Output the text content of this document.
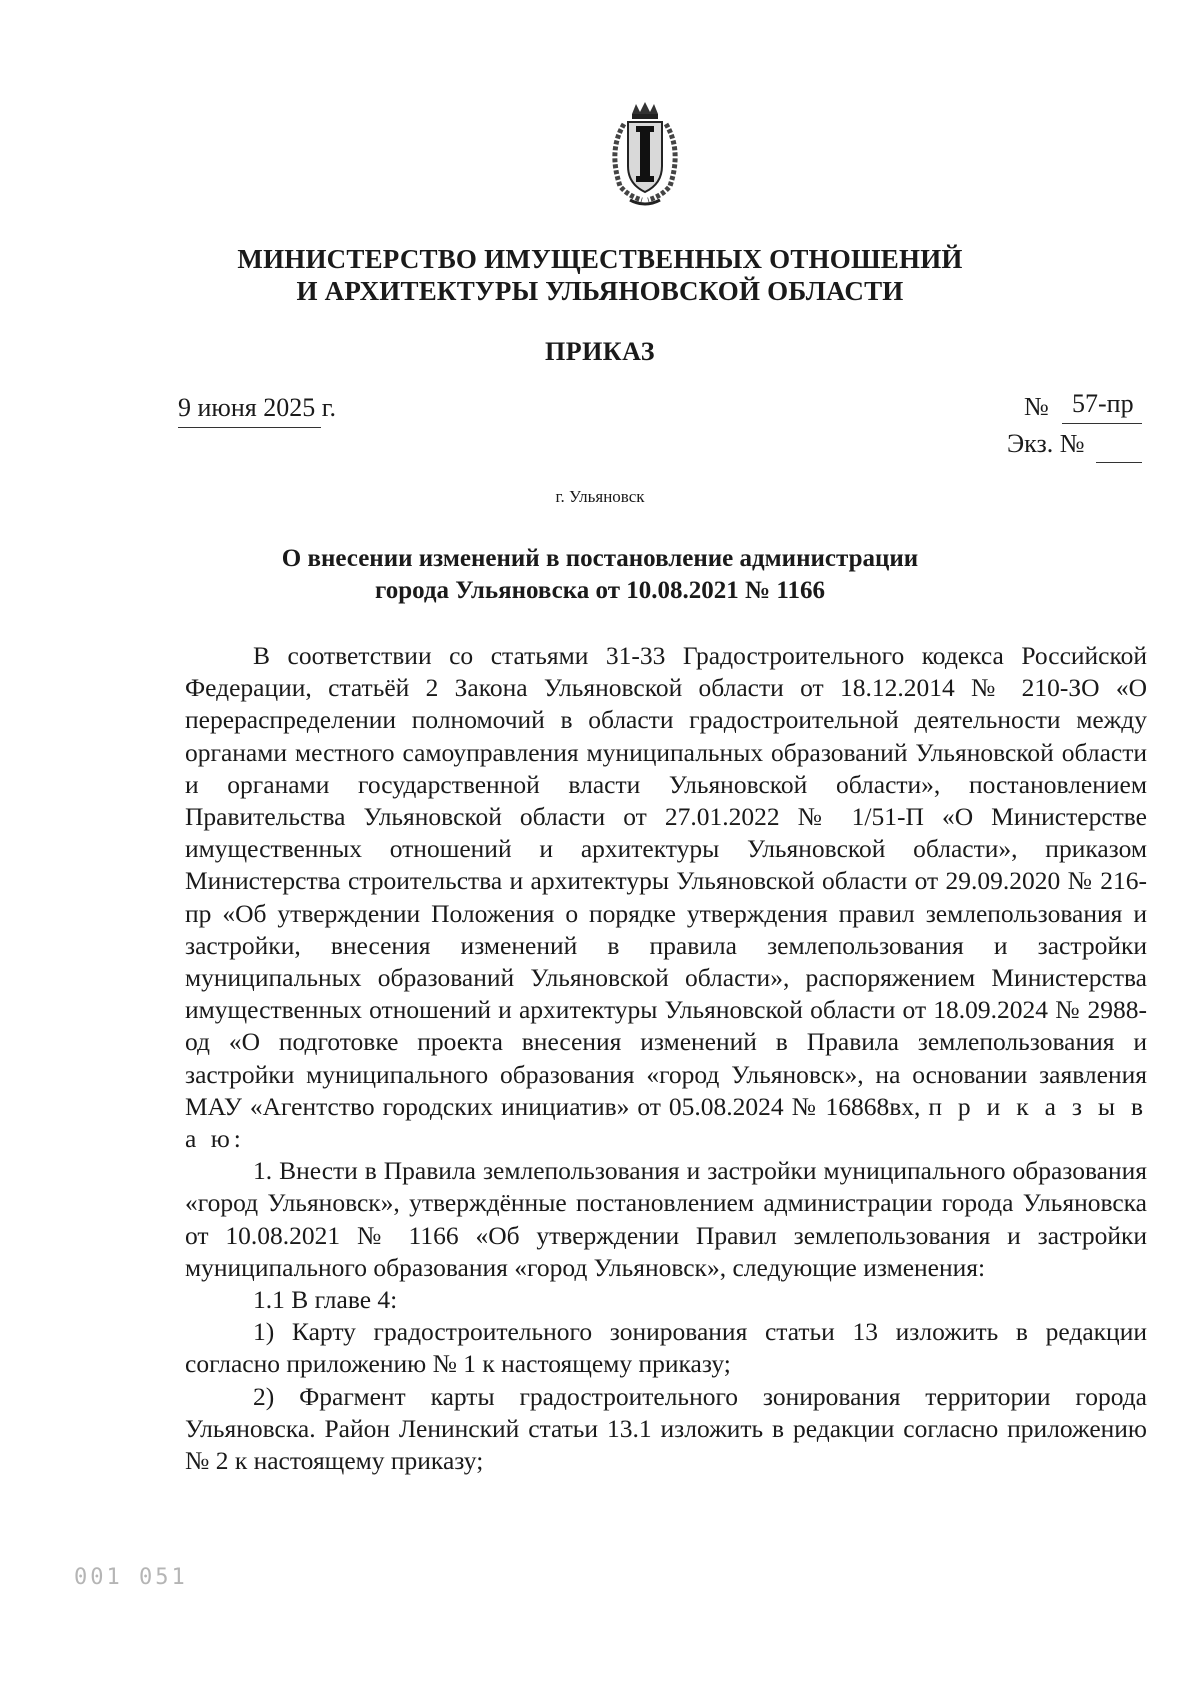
МИНИСТЕРСТВО ИМУЩЕСТВЕННЫХ ОТНОШЕНИЙ
И АРХИТЕКТУРЫ УЛЬЯНОВСКОЙ ОБЛАСТИ
ПРИКАЗ
9 июня 2025 г.	№ 57-пр
Экз. №
г. Ульяновск
О внесении изменений в постановление администрации
города Ульяновска от 10.08.2021 № 1166

В соответствии со статьями 31-33 Градостроительного кодекса Российской Федерации, статьёй 2 Закона Ульяновской области от 18.12.2014 № 210-ЗО «О перераспределении полномочий в области градостроительной деятельности между органами местного самоуправления муниципальных образований Ульяновской области и органами государственной власти Ульяновской области», постановлением Правительства Ульяновской области от 27.01.2022 № 1/51-П «О Министерстве имущественных отношений и архитектуры Ульяновской области», приказом Министерства строительства и архитектуры Ульяновской области от 29.09.2020 № 216-пр «Об утверждении Положения о порядке утверждения правил землепользования и застройки, внесения изменений в правила землепользования и застройки муниципальных образований Ульяновской области», распоряжением Министерства имущественных отношений и архитектуры Ульяновской области от 18.09.2024 № 2988-од «О подготовке проекта внесения изменений в Правила землепользования и застройки муниципального образования «город Ульяновск», на основании заявления МАУ «Агентство городских инициатив» от 05.08.2024 № 16868вх, п р и к а з ы в а ю:

1. Внести в Правила землепользования и застройки муниципального образования «город Ульяновск», утверждённые постановлением администрации города Ульяновска от 10.08.2021 № 1166 «Об утверждении Правил землепользования и застройки муниципального образования «город Ульяновск», следующие изменения:

1.1 В главе 4:

1) Карту градостроительного зонирования статьи 13 изложить в редакции согласно приложению № 1 к настоящему приказу;

2) Фрагмент карты градостроительного зонирования территории города Ульяновска. Район Ленинский статьи 13.1 изложить в редакции согласно приложению № 2 к настоящему приказу;

001 051
